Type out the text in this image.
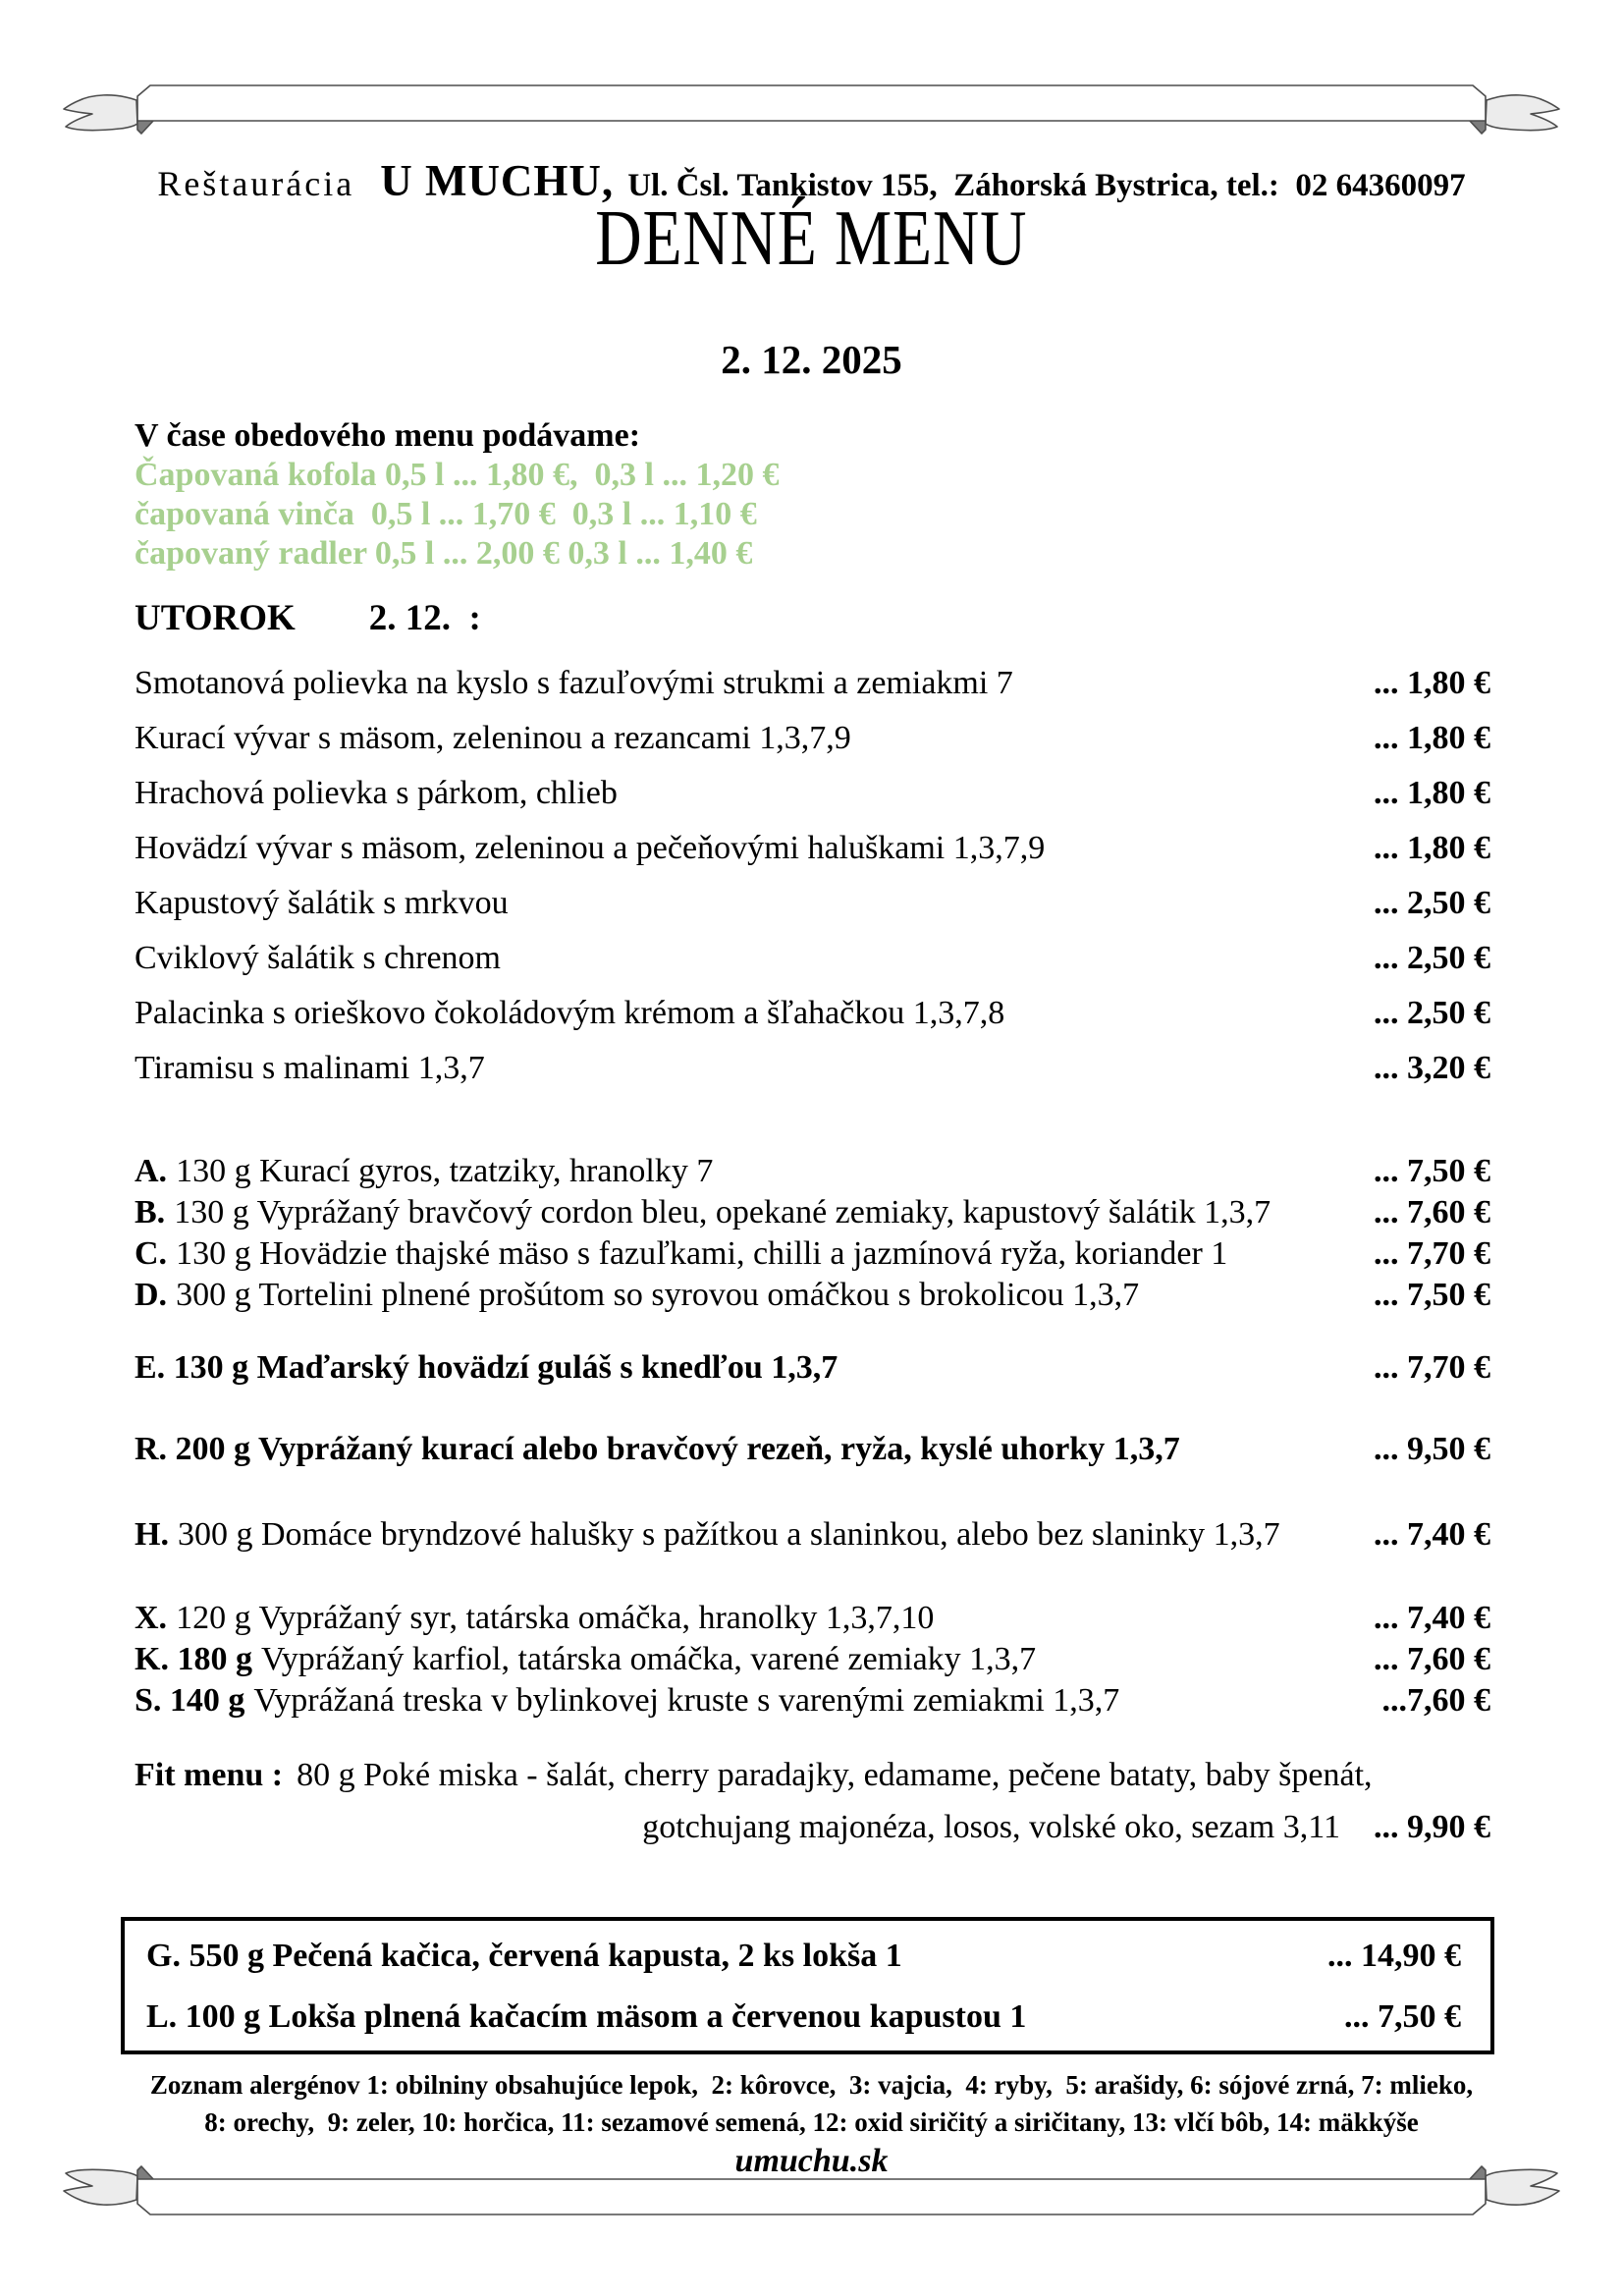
Reštaurácia U MUCHU, Ul. Čsl. Tankistov 155,  Záhorská Bystrica, tel.:  02 64360097
DENNÉ MENU
2. 12. 2025
V čase obedového menu podávame:
Čapovaná kofola 0,5 l ... 1,80 €,  0,3 l ... 1,20 €
čapovaná vinča  0,5 l ... 1,70 €  0,3 l ... 1,10 €
čapovaný radler 0,5 l ... 2,00 € 0,3 l ... 1,40 €
UTOROK 2. 12.  :
Smotanová polievka na kyslo s fazuľovými strukmi a zemiakmi 7	... 1,80 €
Kurací vývar s mäsom, zeleninou a rezancami 1,3,7,9	... 1,80 €
Hrachová polievka s párkom, chlieb	... 1,80 €
Hovädzí vývar s mäsom, zeleninou a pečeňovými haluškami 1,3,7,9	... 1,80 €
Kapustový šalátik s mrkvou	... 2,50 €
Cviklový šalátik s chrenom	... 2,50 €
Palacinka s orieškovo čokoládovým krémom a šľahačkou 1,3,7,8	... 2,50 €
Tiramisu s malinami 1,3,7	... 3,20 €
A. 130 g Kurací gyros, tzatziky, hranolky 7	... 7,50 €
B. 130 g Vyprážaný bravčový cordon bleu, opekané zemiaky, kapustový šalátik 1,3,7	... 7,60 €
C. 130 g Hovädzie thajské mäso s fazuľkami, chilli a jazmínová ryža, koriander 1	... 7,70 €
D. 300 g Tortelini plnené prošútom so syrovou omáčkou s brokolicou 1,3,7	... 7,50 €
E. 130 g Maďarský hovädzí guláš s knedľou 1,3,7	... 7,70 €
R. 200 g Vyprážaný kurací alebo bravčový rezeň, ryža, kyslé uhorky 1,3,7	... 9,50 €
H. 300 g Domáce bryndzové halušky s pažítkou a slaninkou, alebo bez slaninky 1,3,7	... 7,40 €
X. 120 g Vyprážaný syr, tatárska omáčka, hranolky 1,3,7,10	... 7,40 €
K. 180 g Vyprážaný karfiol, tatárska omáčka, varené zemiaky 1,3,7	... 7,60 €
S. 140 g Vyprážaná treska v bylinkovej kruste s varenými zemiakmi 1,3,7	...7,60 €
Fit menu : 80 g Poké miska - šalát, cherry paradajky, edamame, pečene bataty, baby špenát,
gotchujang majonéza, losos, volské oko, sezam 3,11 ... 9,90 €
G. 550 g Pečená kačica, červená kapusta, 2 ks lokša 1	... 14,90 €
L. 100 g Lokša plnená kačacím mäsom a červenou kapustou 1	... 7,50 €
Zoznam alergénov 1: obilniny obsahujúce lepok,  2: kôrovce,  3: vajcia,  4: ryby,  5: arašidy, 6: sójové zrná, 7: mlieko,
8: orechy,  9: zeler, 10: horčica, 11: sezamové semená, 12: oxid siričitý a siričitany, 13: vlčí bôb, 14: mäkkýše
umuchu.sk
